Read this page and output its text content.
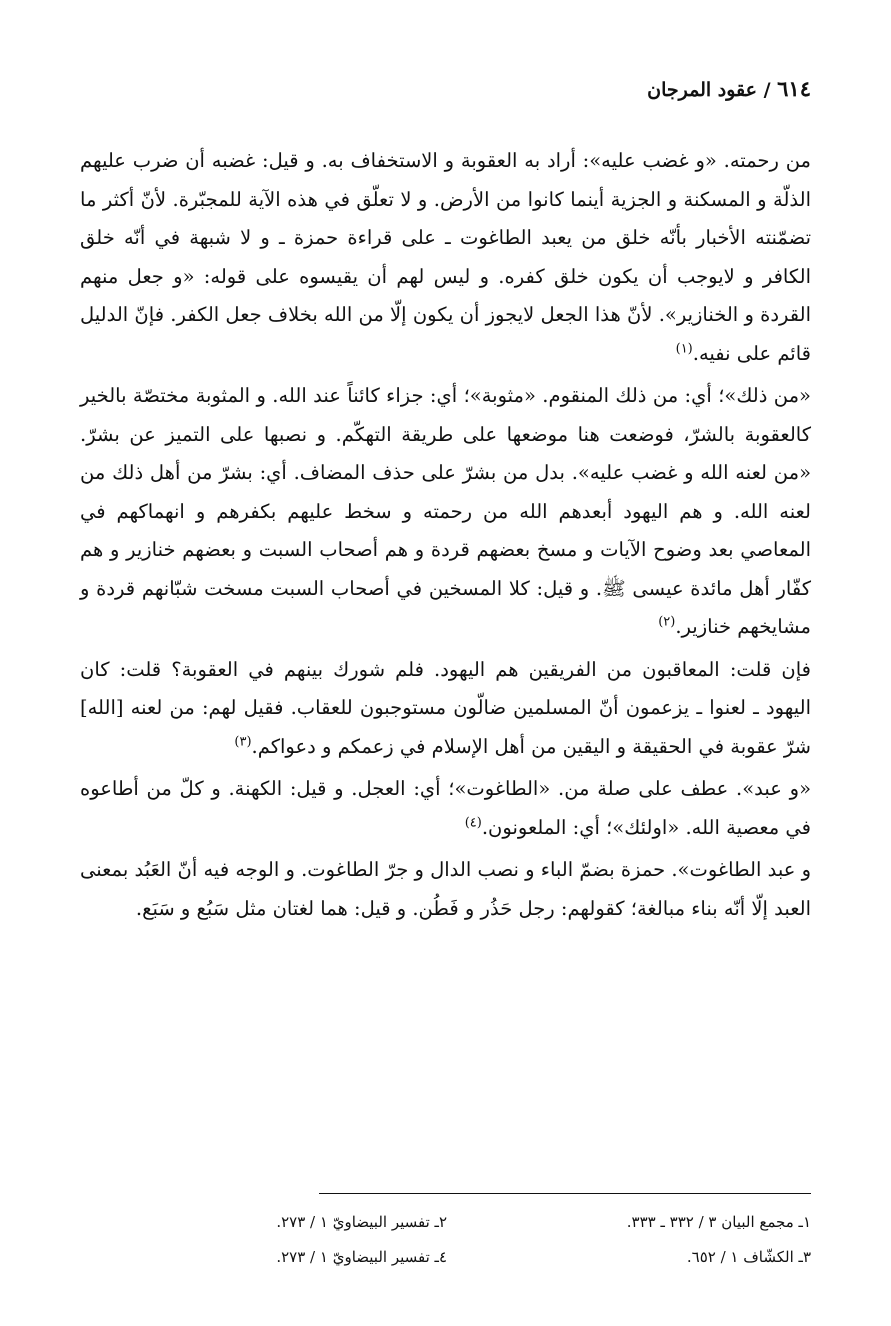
٦١٤ / عقود المرجان

من رحمته. «و غضب عليه»: أراد به العقوبة و الاستخفاف به. و قيل: غضبه أن ضرب عليهم الذلّة و المسكنة و الجزية أينما كانوا من الأرض. و لا تعلّق في هذه الآية للمجبّرة. لأنّ أكثر ما تضمّنته الأخبار بأنّه خلق من يعبد الطاغوت ـ على قراءة حمزة ـ و لا شبهة في أنّه خلق الكافر و لايوجب أن يكون خلق كفره. و ليس لهم أن يقيسوه على قوله: «و جعل منهم القردة و الخنازير». لأنّ هذا الجعل لايجوز أن يكون إلّا من الله بخلاف جعل الكفر. فإنّ الدليل قائم على نفيه.$^{(١)}$

«من ذلك»؛ أي: من ذلك المنقوم. «مثوبة»؛ أي: جزاء كائناً عند الله. و المثوبة مختصّة بالخير كالعقوبة بالشرّ، فوضعت هنا موضعها على طريقة التهكّم. و نصبها على التميز عن بشرّ. «من لعنه الله و غضب عليه». بدل من بشرّ على حذف المضاف. أي: بشرّ من أهل ذلك من لعنه الله. و هم اليهود أبعدهم الله من رحمته و سخط عليهم بكفرهم و انهماكهم في المعاصي بعد وضوح الآيات و مسخ بعضهم قردة و هم أصحاب السبت و بعضهم خنازير و هم كفّار أهل مائدة عيسى ﷺ. و قيل: كلا المسخين في أصحاب السبت مسخت شبّانهم قردة و مشايخهم خنازير.$^{(٢)}$

فإن قلت: المعاقبون من الفريقين هم اليهود. فلم شورك بينهم في العقوبة؟ قلت: كان اليهود ـ لعنوا ـ يزعمون أنّ المسلمين ضالّون مستوجبون للعقاب. فقيل لهم: من لعنه [الله] شرّ عقوبة في الحقيقة و اليقين من أهل الإسلام في زعمكم و دعواكم.$^{(٣)}$

«و عبد». عطف على صلة من. «الطاغوت»؛ أي: العجل. و قيل: الكهنة. و كلّ من أطاعوه في معصية الله. «اولئك»؛ أي: الملعونون.$^{(٤)}$

و عبد الطاغوت». حمزة بضمّ الباء و نصب الدال و جرّ الطاغوت. و الوجه فيه أنّ العَبُد بمعنى العبد إلّا أنّه بناء مبالغة؛ كقولهم: رجل حَذُر و فَطُن. و قيل: هما لغتان مثل سَبُع و سَبَع.

١ـ مجمع البيان ٣ / ٣٣٢ ـ ٣٣٣.
٢ـ تفسير البيضاويّ ١ / ٢٧٣.
٣ـ الكشّاف ١ / ٦٥٢.
٤ـ تفسير البيضاويّ ١ / ٢٧٣.
